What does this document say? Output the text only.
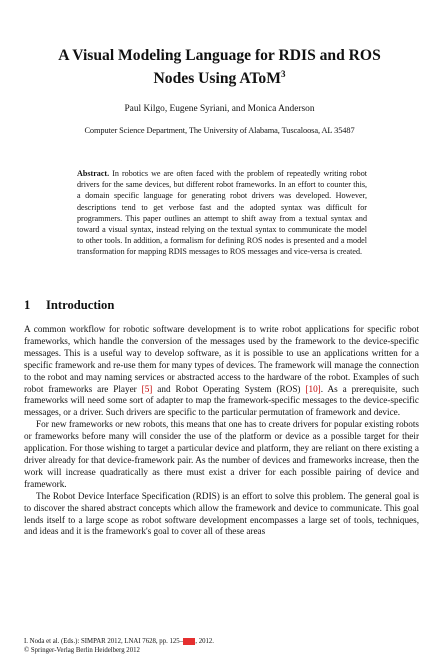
A Visual Modeling Language for RDIS and ROS Nodes Using AToM$^3$
Paul Kilgo, Eugene Syriani, and Monica Anderson
Computer Science Department, The University of Alabama, Tuscaloosa, AL 35487
Abstract. In robotics we are often faced with the problem of repeatedly writing robot drivers for the same devices, but different robot frameworks. In an effort to counter this, a domain specific language for generating robot drivers was developed. However, descriptions tend to get verbose fast and the adopted syntax was difficult for programmers. This paper outlines an attempt to shift away from a textual syntax and toward a visual syntax, instead relying on the textual syntax to communicate the model to other tools. In addition, a formalism for defining ROS nodes is presented and a model transformation for mapping RDIS messages to ROS messages and vice-versa is created.
1 Introduction

A common workflow for robotic software development is to write robot applications for specific robot frameworks, which handle the conversion of the messages used by the framework to the device-specific messages. This is a useful way to develop software, as it is possible to use an applications written for a specific framework and re-use them for many types of devices. The framework will manage the connection to the robot and may naming services or abstracted access to the hardware of the robot. Examples of such robot frameworks are Player [5] and Robot Operating System (ROS) [10]. As a prerequisite, such frameworks will need some sort of adapter to map the framework-specific messages to the device-specific messages, or a driver. Such drivers are specific to the particular permutation of framework and device.

For new frameworks or new robots, this means that one has to create drivers for popular existing robots or frameworks before many will consider the use of the platform or device as a possible target for their application. For those wishing to target a particular device and platform, they are reliant on there existing a driver already for that device-framework pair. As the number of devices and frameworks increase, then the work will increase quadratically as there must exist a driver for each possible pairing of device and framework.

The Robot Device Interface Specification (RDIS) is an effort to solve this problem. The general goal is to discover the shared abstract concepts which allow the framework and device to communicate. This goal lends itself to a large scope as robot software development encompasses a large set of tools, techniques, and ideas and it is the framework's goal to cover all of these areas

I. Noda et al. (Eds.): SIMPAR 2012, LNAI 7628, pp. 125–136, 2012.
© Springer-Verlag Berlin Heidelberg 2012
